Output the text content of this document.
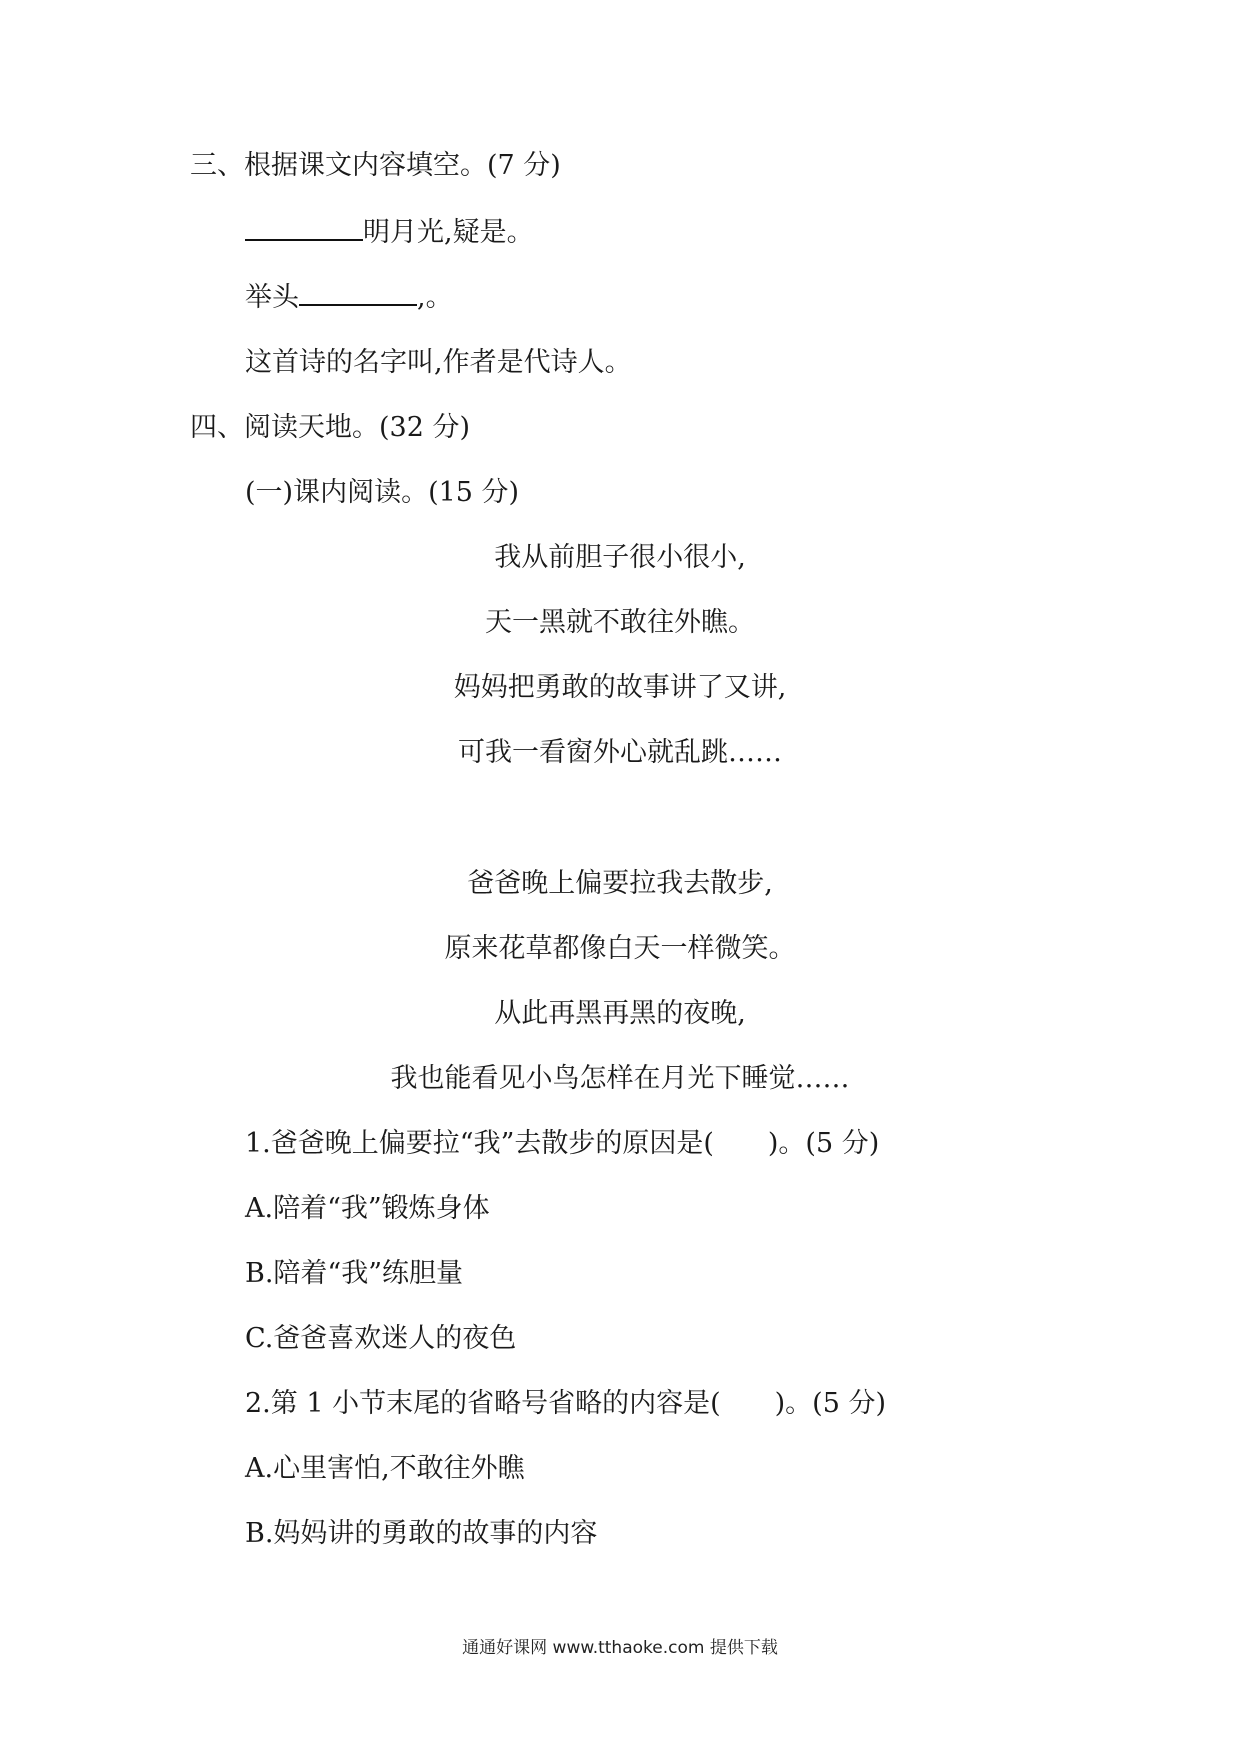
三、根据课文内容填空。(7 分)
明月光,疑是。
举头	,。
这首诗的名字叫,作者是代诗人。
四、阅读天地。(32 分)
(一)课内阅读。(15 分)
我从前胆子很小很小,
天一黑就不敢往外瞧。
妈妈把勇敢的故事讲了又讲,
可我一看窗外心就乱跳……
爸爸晚上偏要拉我去散步,
原来花草都像白天一样微笑。
从此再黑再黑的夜晚,
我也能看见小鸟怎样在月光下睡觉……
1.爸爸晚上偏要拉“我”去散步的原因是(　　)。(5 分)
A.陪着“我”锻炼身体
B.陪着“我”练胆量
C.爸爸喜欢迷人的夜色
2.第 1 小节末尾的省略号省略的内容是(　　)。(5 分)
A.心里害怕,不敢往外瞧
B.妈妈讲的勇敢的故事的内容
通通好课网 www.tthaoke.com 提供下载
